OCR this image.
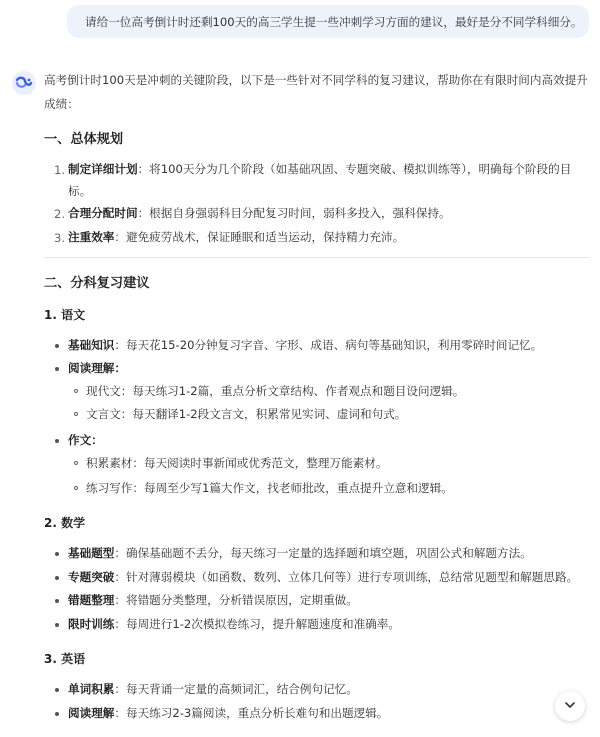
请给一位高考倒计时还剩100天的高三学生提一些冲刺学习方面的建议，最好是分不同学科细分。
高考倒计时100天是冲刺的关键阶段，以下是一些针对不同学科的复习建议，帮助你在有限时间内高效提升
成绩：
一、总体规划
1. 制定详细计划：将100天分为几个阶段（如基础巩固、专题突破、模拟训练等），明确每个阶段的目
标。
2. 合理分配时间：根据自身强弱科目分配复习时间，弱科多投入，强科保持。
3. 注重效率：避免疲劳战术，保证睡眠和适当运动，保持精力充沛。
二、分科复习建议
1. 语文
基础知识：每天花15-20分钟复习字音、字形、成语、病句等基础知识，利用零碎时间记忆。
阅读理解：
现代文：每天练习1-2篇，重点分析文章结构、作者观点和题目设问逻辑。
文言文：每天翻译1-2段文言文，积累常见实词、虚词和句式。
作文：
积累素材：每天阅读时事新闻或优秀范文，整理万能素材。
练习写作：每周至少写1篇大作文，找老师批改，重点提升立意和逻辑。
2. 数学
基础题型：确保基础题不丢分，每天练习一定量的选择题和填空题，巩固公式和解题方法。
专题突破：针对薄弱模块（如函数、数列、立体几何等）进行专项训练，总结常见题型和解题思路。
错题整理：将错题分类整理，分析错误原因，定期重做。
限时训练：每周进行1-2次模拟卷练习，提升解题速度和准确率。
3. 英语
单词积累：每天背诵一定量的高频词汇，结合例句记忆。
阅读理解：每天练习2-3篇阅读，重点分析长难句和出题逻辑。
